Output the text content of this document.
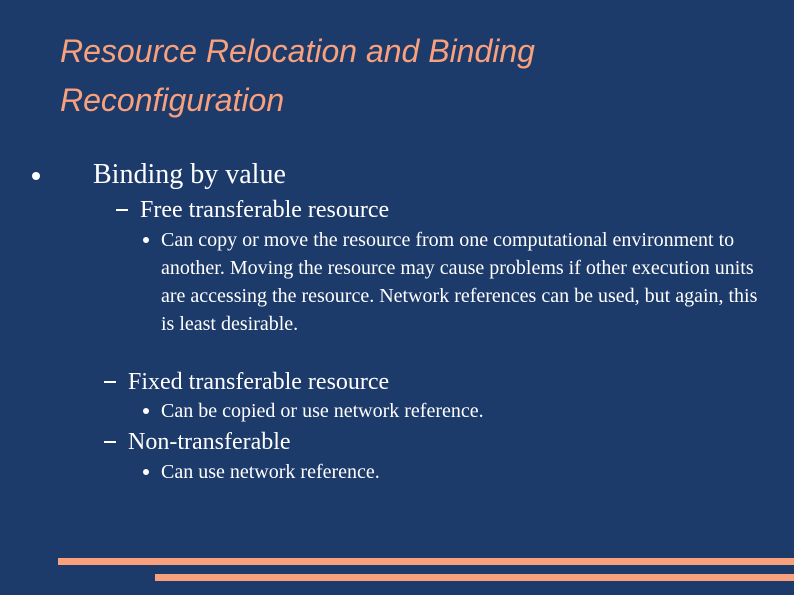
Resource Relocation and Binding Reconfiguration
Binding by value
Free transferable resource
Can copy or move the resource from one computational environment to another. Moving the resource may cause problems if other execution units are accessing the resource. Network references can be used, but again, this is least desirable.
Fixed transferable resource
Can be copied or use network reference.
Non-transferable
Can use network reference.
